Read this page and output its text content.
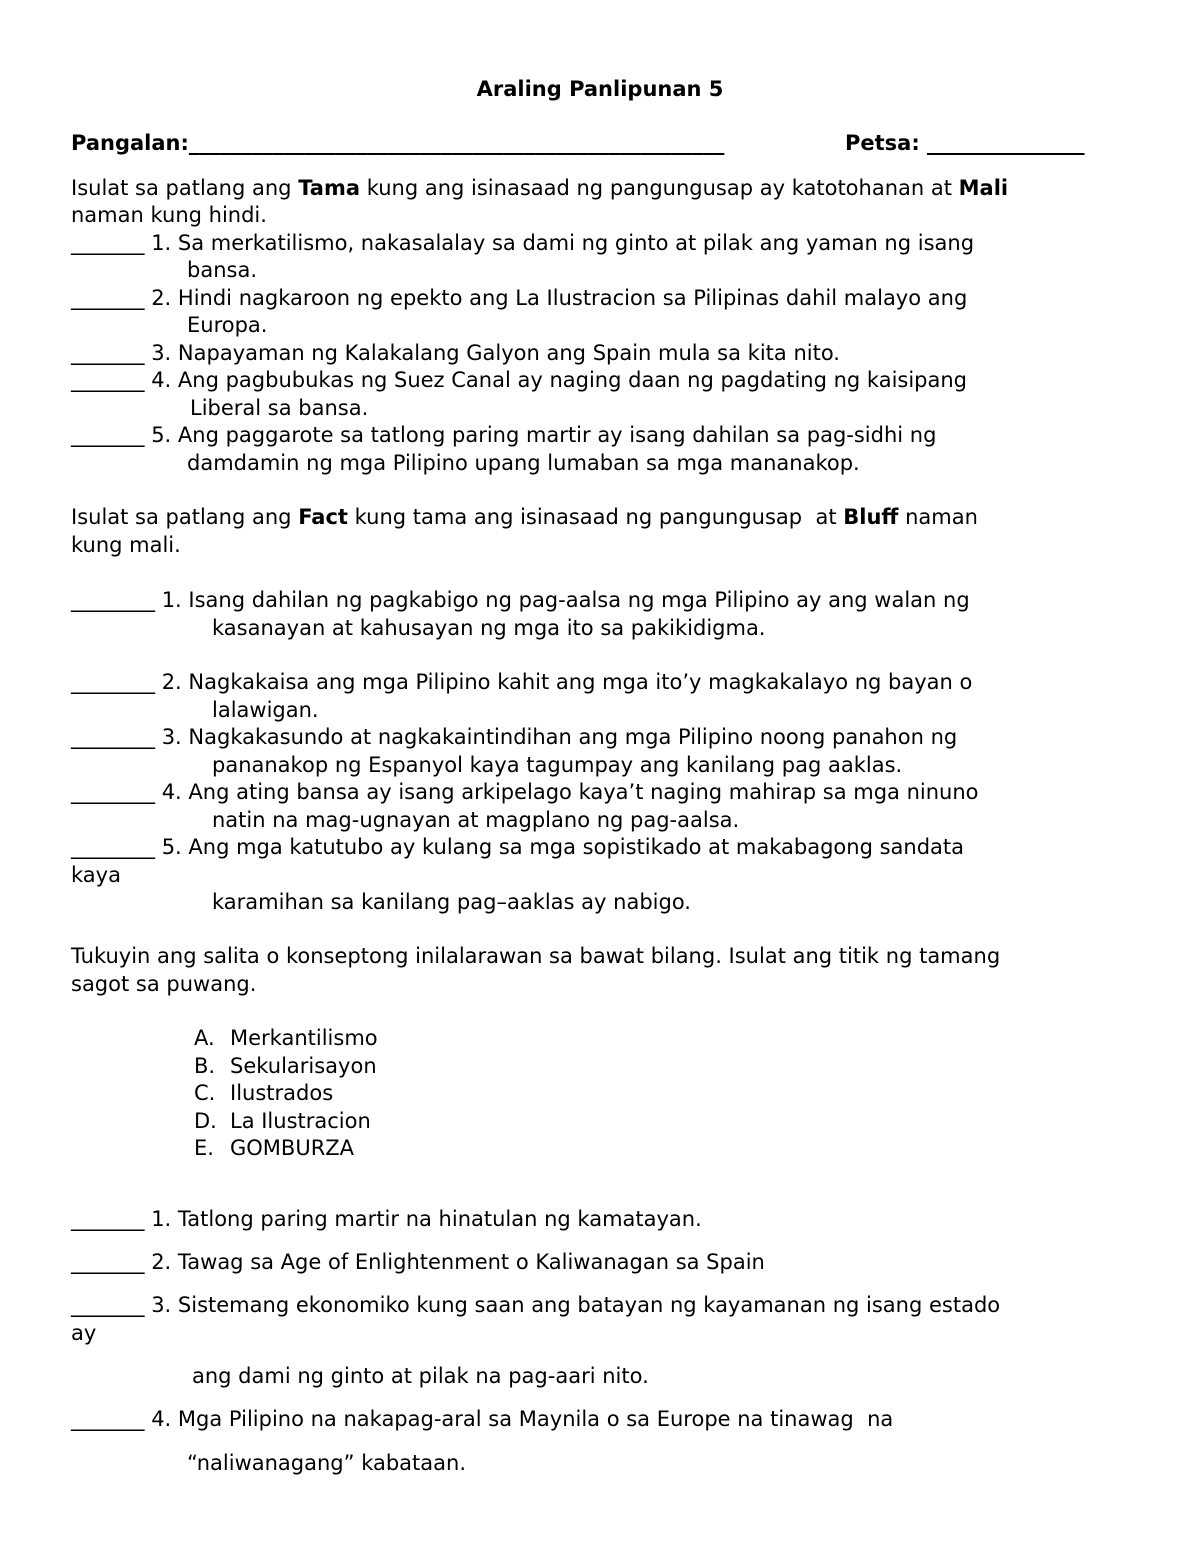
Araling Panlipunan 5
Pangalan:___________________________________________________	Petsa: _______________
Isulat sa patlang ang Tama kung ang isinasaad ng pangungusap ay katotohanan at Mali
naman kung hindi.
_______ 1. Sa merkatilismo, nakasalalay sa dami ng ginto at pilak ang yaman ng isang
bansa.
_______ 2. Hindi nagkaroon ng epekto ang La Ilustracion sa Pilipinas dahil malayo ang
Europa.
_______ 3. Napayaman ng Kalakalang Galyon ang Spain mula sa kita nito.
_______ 4. Ang pagbubukas ng Suez Canal ay naging daan ng pagdating ng kaisipang
Liberal sa bansa.
_______ 5. Ang paggarote sa tatlong paring martir ay isang dahilan sa pag-sidhi ng
damdamin ng mga Pilipino upang lumaban sa mga mananakop.
Isulat sa patlang ang Fact kung tama ang isinasaad ng pangungusap  at Bluff naman
kung mali.
________ 1. Isang dahilan ng pagkabigo ng pag-aalsa ng mga Pilipino ay ang walan ng
kasanayan at kahusayan ng mga ito sa pakikidigma.
________ 2. Nagkakaisa ang mga Pilipino kahit ang mga ito’y magkakalayo ng bayan o
lalawigan.
________ 3. Nagkakasundo at nagkakaintindihan ang mga Pilipino noong panahon ng
pananakop ng Espanyol kaya tagumpay ang kanilang pag aaklas.
________ 4. Ang ating bansa ay isang arkipelago kaya’t naging mahirap sa mga ninuno
natin na mag-ugnayan at magplano ng pag-aalsa.
________ 5. Ang mga katutubo ay kulang sa mga sopistikado at makabagong sandata
kaya
karamihan sa kanilang pag–aaklas ay nabigo.
Tukuyin ang salita o konseptong inilalarawan sa bawat bilang. Isulat ang titik ng tamang
sagot sa puwang.
A. Merkantilismo
B. Sekularisayon
C. Ilustrados
D. La Ilustracion
E. GOMBURZA
_______ 1. Tatlong paring martir na hinatulan ng kamatayan.
_______ 2. Tawag sa Age of Enlightenment o Kaliwanagan sa Spain
_______ 3. Sistemang ekonomiko kung saan ang batayan ng kayamanan ng isang estado
ay
ang dami ng ginto at pilak na pag-aari nito.
_______ 4. Mga Pilipino na nakapag-aral sa Maynila o sa Europe na tinawag  na
“naliwanagang” kabataan.
